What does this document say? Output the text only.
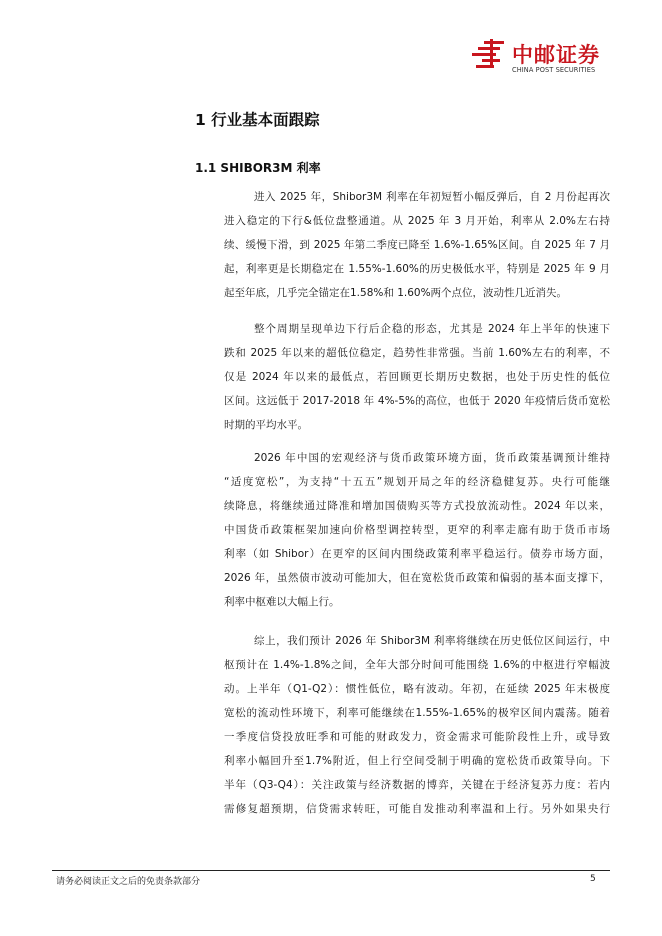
中邮证券
CHINA POST SECURITIES
1 行业基本面跟踪
1.1 SHIBOR3M 利率
进入 2025 年，Shibor3M 利率在年初短暂小幅反弹后，自 2 月份起再次
进入稳定的下行&低位盘整通道。从 2025 年 3 月开始，利率从 2.0%左右持
续、缓慢下滑，到 2025 年第二季度已降至 1.6%-1.65%区间。自 2025 年 7 月
起，利率更是长期稳定在 1.55%-1.60%的历史极低水平，特别是 2025 年 9 月
起至年底，几乎完全锚定在1.58%和 1.60%两个点位，波动性几近消失。
整个周期呈现单边下行后企稳的形态，尤其是 2024 年上半年的快速下
跌和 2025 年以来的超低位稳定，趋势性非常强。当前 1.60%左右的利率，不
仅是 2024 年以来的最低点，若回顾更长期历史数据，也处于历史性的低位
区间。这远低于 2017-2018 年 4%-5%的高位，也低于 2020 年疫情后货币宽松
时期的平均水平。
2026 年中国的宏观经济与货币政策环境方面，货币政策基调预计维持
“适度宽松”，为支持“十五五”规划开局之年的经济稳健复苏。央行可能继
续降息，将继续通过降准和增加国债购买等方式投放流动性。2024 年以来，
中国货币政策框架加速向价格型调控转型，更窄的利率走廊有助于货币市场
利率（如 Shibor）在更窄的区间内围绕政策利率平稳运行。债券市场方面，
2026 年，虽然债市波动可能加大，但在宽松货币政策和偏弱的基本面支撑下，
利率中枢难以大幅上行。
综上，我们预计 2026 年 Shibor3M 利率将继续在历史低位区间运行，中
枢预计在 1.4%-1.8%之间，全年大部分时间可能围绕 1.6%的中枢进行窄幅波
动。上半年（Q1-Q2）：惯性低位，略有波动。年初，在延续 2025 年末极度
宽松的流动性环境下，利率可能继续在1.55%-1.65%的极窄区间内震荡。随着
一季度信贷投放旺季和可能的财政发力，资金需求可能阶段性上升，或导致
利率小幅回升至1.7%附近，但上行空间受制于明确的宽松货币政策导向。下
半年（Q3-Q4）：关注政策与经济数据的博弈，关键在于经济复苏力度：若内
需修复超预期，信贷需求转旺，可能自发推动利率温和上行。另外如果央行
请务必阅读正文之后的免责条款部分	5
